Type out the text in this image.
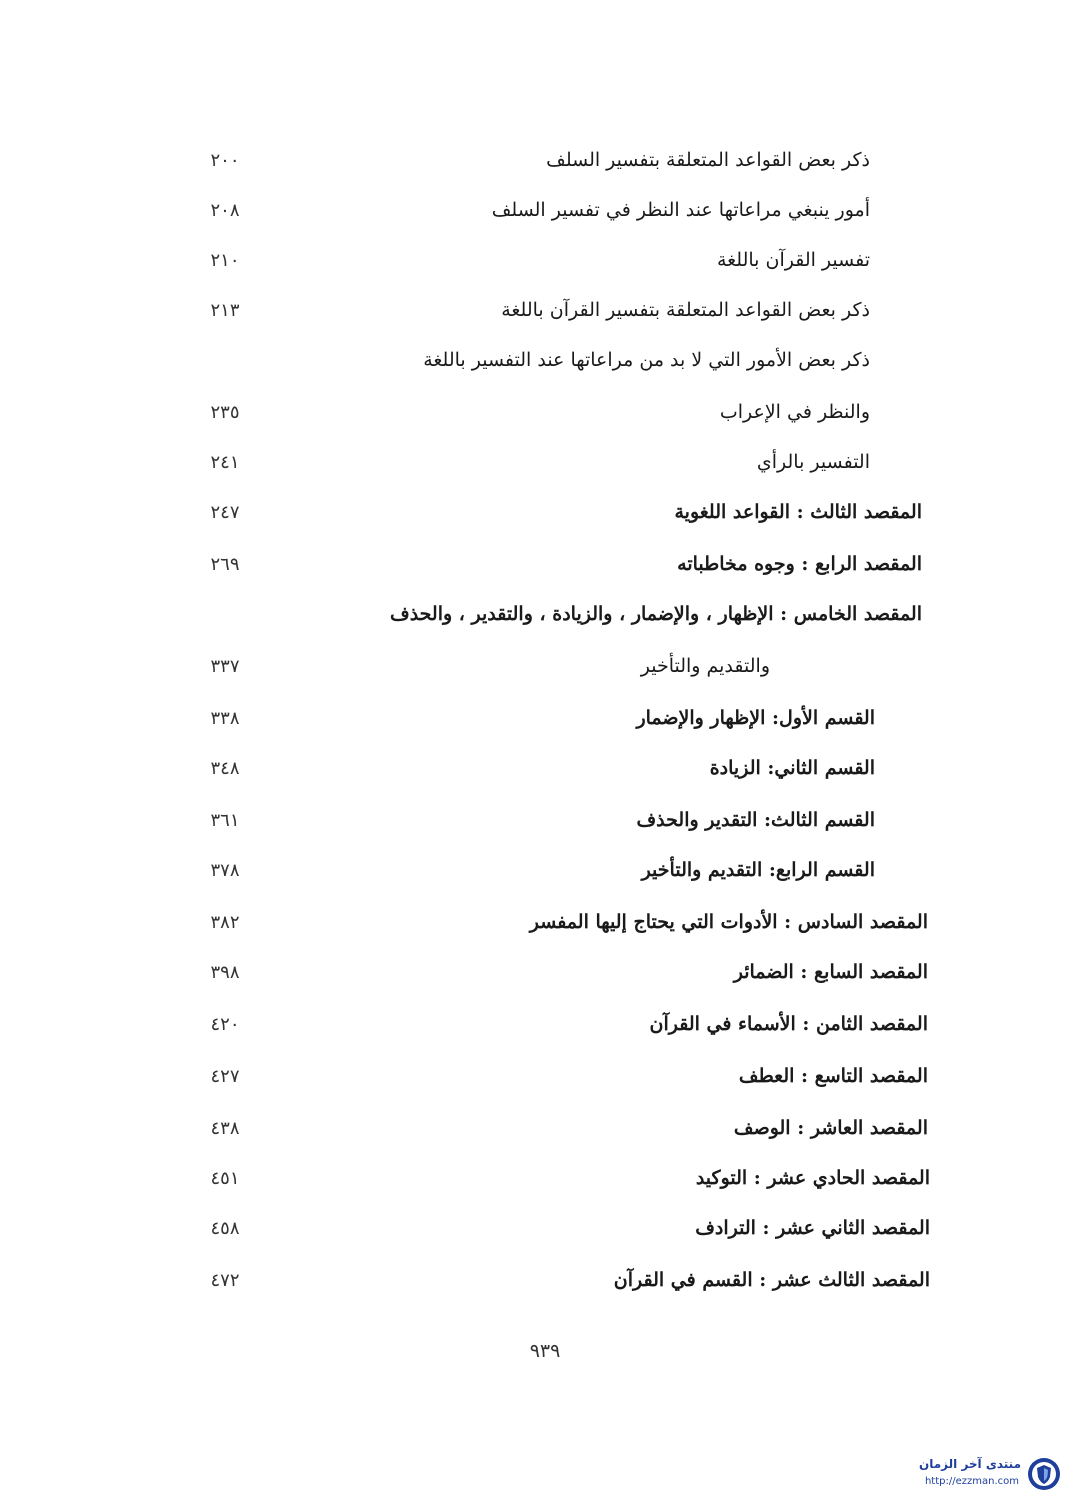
ذكر بعض القواعد المتعلقة بتفسير السلف
٢٠٠
أمور ينبغي مراعاتها عند النظر في تفسير السلف
٢٠٨
تفسير القرآن باللغة
٢١٠
ذكر بعض القواعد المتعلقة بتفسير القرآن باللغة
٢١٣
ذكر بعض الأمور التي لا بد من مراعاتها عند التفسير باللغة
والنظر في الإعراب
٢٣٥
التفسير بالرأي
٢٤١
المقصد الثالث : القواعد اللغوية
٢٤٧
المقصد الرابع : وجوه مخاطباته
٢٦٩
المقصد الخامس : الإظهار ، والإضمار ، والزيادة ، والتقدير ، والحذف
والتقديم والتأخير
٣٣٧
القسم الأول: الإظهار والإضمار
٣٣٨
القسم الثاني: الزيادة
٣٤٨
القسم الثالث: التقدير والحذف
٣٦١
القسم الرابع: التقديم والتأخير
٣٧٨
المقصد السادس : الأدوات التي يحتاج إليها المفسر
٣٨٢
المقصد السابع : الضمائر
٣٩٨
المقصد الثامن : الأسماء في القرآن
٤٢٠
المقصد التاسع : العطف
٤٢٧
المقصد العاشر : الوصف
٤٣٨
المقصد الحادي عشر : التوكيد
٤٥١
المقصد الثاني عشر : الترادف
٤٥٨
المقصد الثالث عشر : القسم في القرآن
٤٧٢
٩٣٩
منتدى آخر الزمان
http://ezzman.com
